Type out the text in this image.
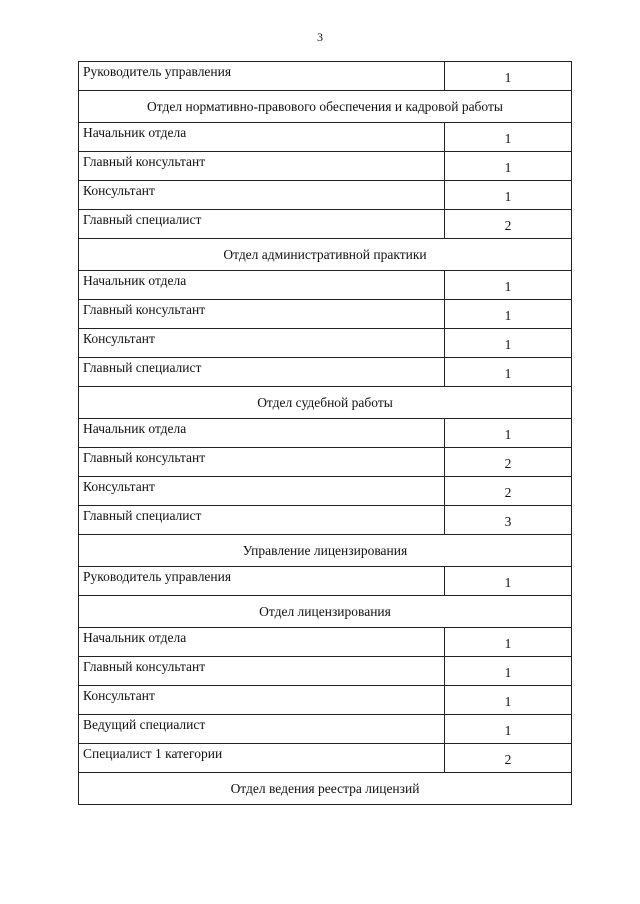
3
Руководитель управления	1
Отдел нормативно-правового обеспечения и кадровой работы	
Начальник отдела	1
Главный консультант	1
Консультант	1
Главный специалист	2
Отдел административной практики	
Начальник отдела	1
Главный консультант	1
Консультант	1
Главный специалист	1
Отдел судебной работы	
Начальник отдела	1
Главный консультант	2
Консультант	2
Главный специалист	3
Управление лицензирования	
Руководитель управления	1
Отдел лицензирования	
Начальник отдела	1
Главный консультант	1
Консультант	1
Ведущий специалист	1
Специалист 1 категории	2
Отдел ведения реестра лицензий	
